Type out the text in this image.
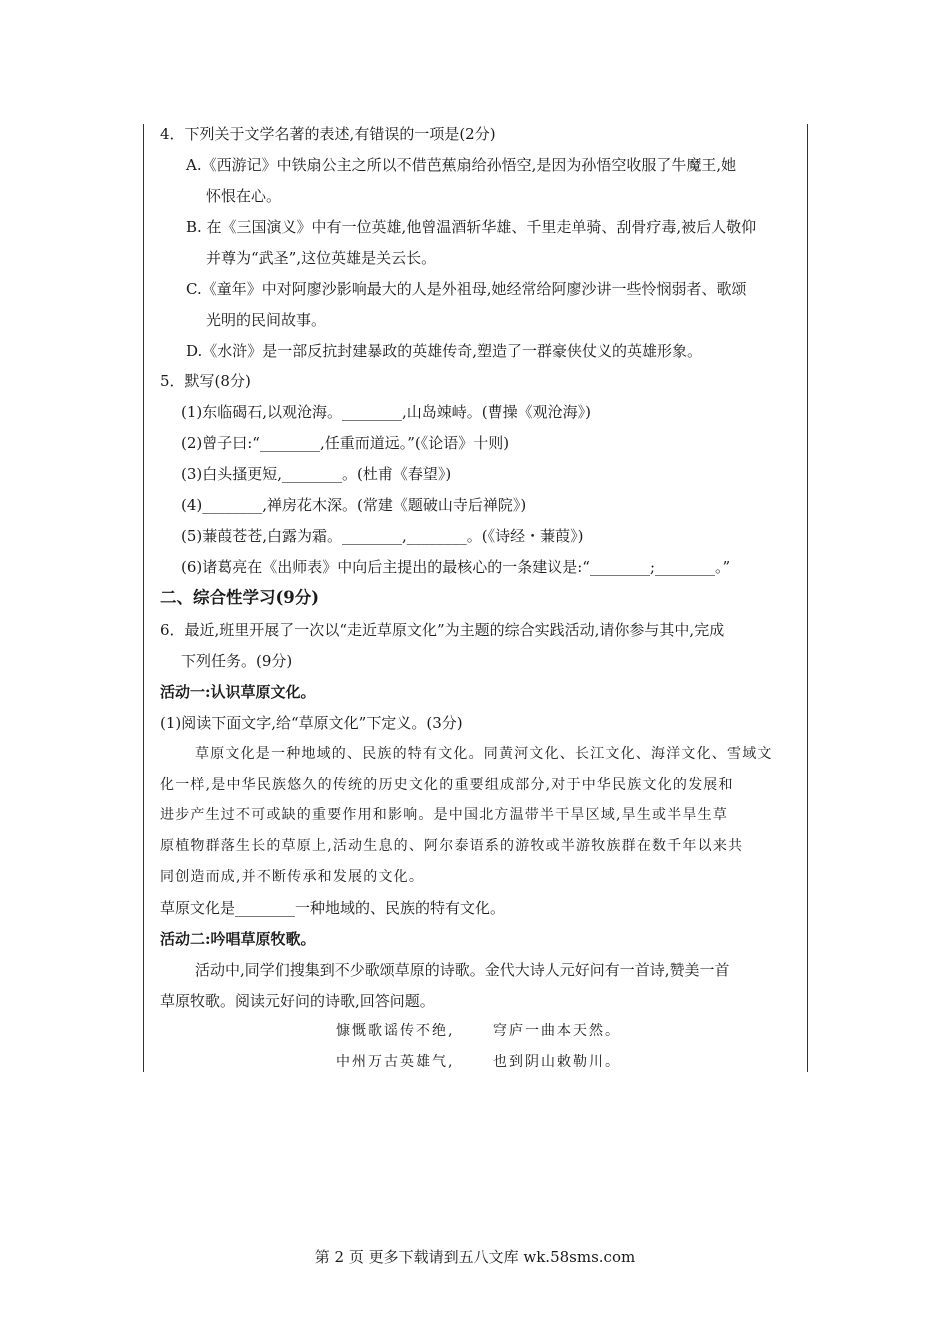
4．下列关于文学名著的表述,有错误的一项是(2分)
A.《西游记》中铁扇公主之所以不借芭蕉扇给孙悟空,是因为孙悟空收服了牛魔王,她
怀恨在心。
B. 在《三国演义》中有一位英雄,他曾温酒斩华雄、千里走单骑、刮骨疗毒,被后人敬仰
并尊为“武圣”,这位英雄是关云长。
C.《童年》中对阿廖沙影响最大的人是外祖母,她经常给阿廖沙讲一些怜悯弱者、歌颂
光明的民间故事。
D.《水浒》是一部反抗封建暴政的英雄传奇,塑造了一群豪侠仗义的英雄形象。
5．默写(8分)
(1)东临碣石,以观沧海。________,山岛竦峙。(曹操《观沧海》)
(2)曾子曰:“________,任重而道远。”(《论语》十则)
(3)白头搔更短,________。(杜甫《春望》)
(4)________,禅房花木深。(常建《题破山寺后禅院》)
(5)蒹葭苍苍,白露为霜。________,________。(《诗经・蒹葭》)
(6)诸葛亮在《出师表》中向后主提出的最核心的一条建议是:“________;________。”
二、综合性学习(9分)
6．最近,班里开展了一次以“走近草原文化”为主题的综合实践活动,请你参与其中,完成
下列任务。(9分)
活动一:认识草原文化。
(1)阅读下面文字,给“草原文化”下定义。(3分)
草原文化是一种地域的、民族的特有文化。同黄河文化、长江文化、海洋文化、雪域文
化一样,是中华民族悠久的传统的历史文化的重要组成部分,对于中华民族文化的发展和
进步产生过不可或缺的重要作用和影响。是中国北方温带半干旱区域,旱生或半旱生草
原植物群落生长的草原上,活动生息的、阿尔泰语系的游牧或半游牧族群在数千年以来共
同创造而成,并不断传承和发展的文化。
草原文化是________一种地域的、民族的特有文化。
活动二:吟唱草原牧歌。
活动中,同学们搜集到不少歌颂草原的诗歌。金代大诗人元好问有一首诗,赞美一首
草原牧歌。阅读元好问的诗歌,回答问题。
慷慨歌谣传不绝,	穹庐一曲本天然。
中州万古英雄气,	也到阴山敕勒川。
第 2 页 更多下载请到五八文库 wk.58sms.com
